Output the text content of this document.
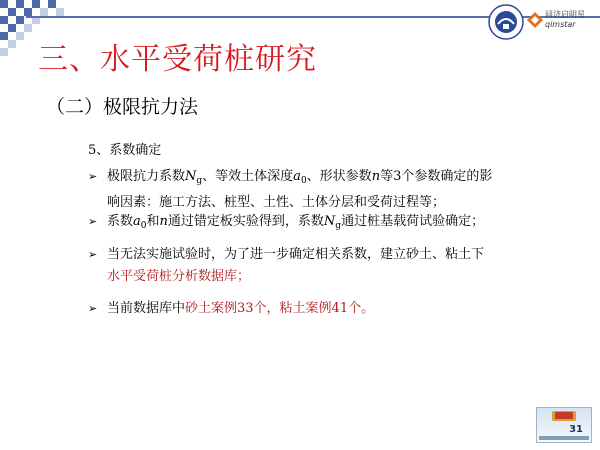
同济启明星
qimstar
三、水平受荷桩研究
（二）极限抗力法
5、系数确定
➢ 极限抗力系数$N_g$、等效土体深度$a_0$、形状参数n等3个参数确定的影
响因素：施工方法、桩型、土性、土体分层和受荷过程等；
➢ 系数$a_0$和n通过错定板实验得到，系数$N_g$通过桩基载荷试验确定；
➢ 当无法实施试验时，为了进一步确定相关系数，建立砂土、粘土下
水平受荷桩分析数据库；
➢ 当前数据库中砂土案例33个，粘土案例41个。
31
